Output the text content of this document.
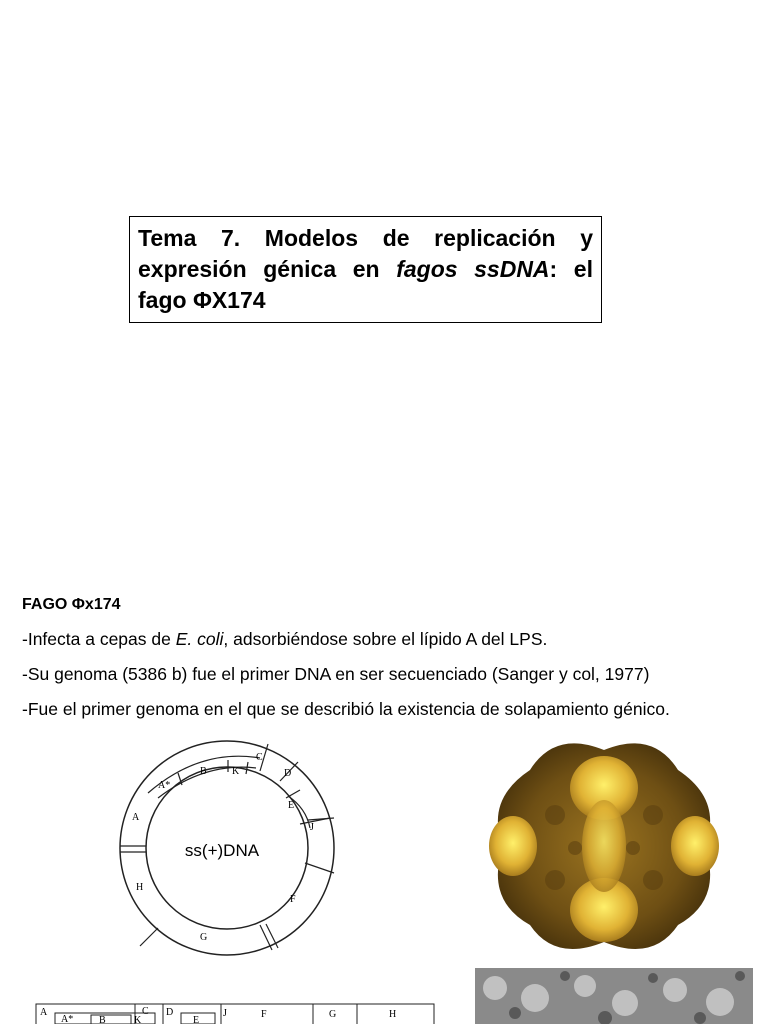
Tema 7. Modelos de replicación y expresión génica en fagos ssDNA: el fago ΦX174
FAGO Φx174
-Infecta a cepas de E. coli, adsorbiéndose sobre el lípido A del LPS.
-Su genoma (5386 b) fue el primer DNA en ser secuenciado (Sanger y col, 1977)
-Fue el primer genoma en el que se describió la existencia de solapamiento génico.
A
A*
B	K
C
D
E
J
F
G
H
ss(+)DNA
A
A*	B	K
C D
E
J	F	G	H
